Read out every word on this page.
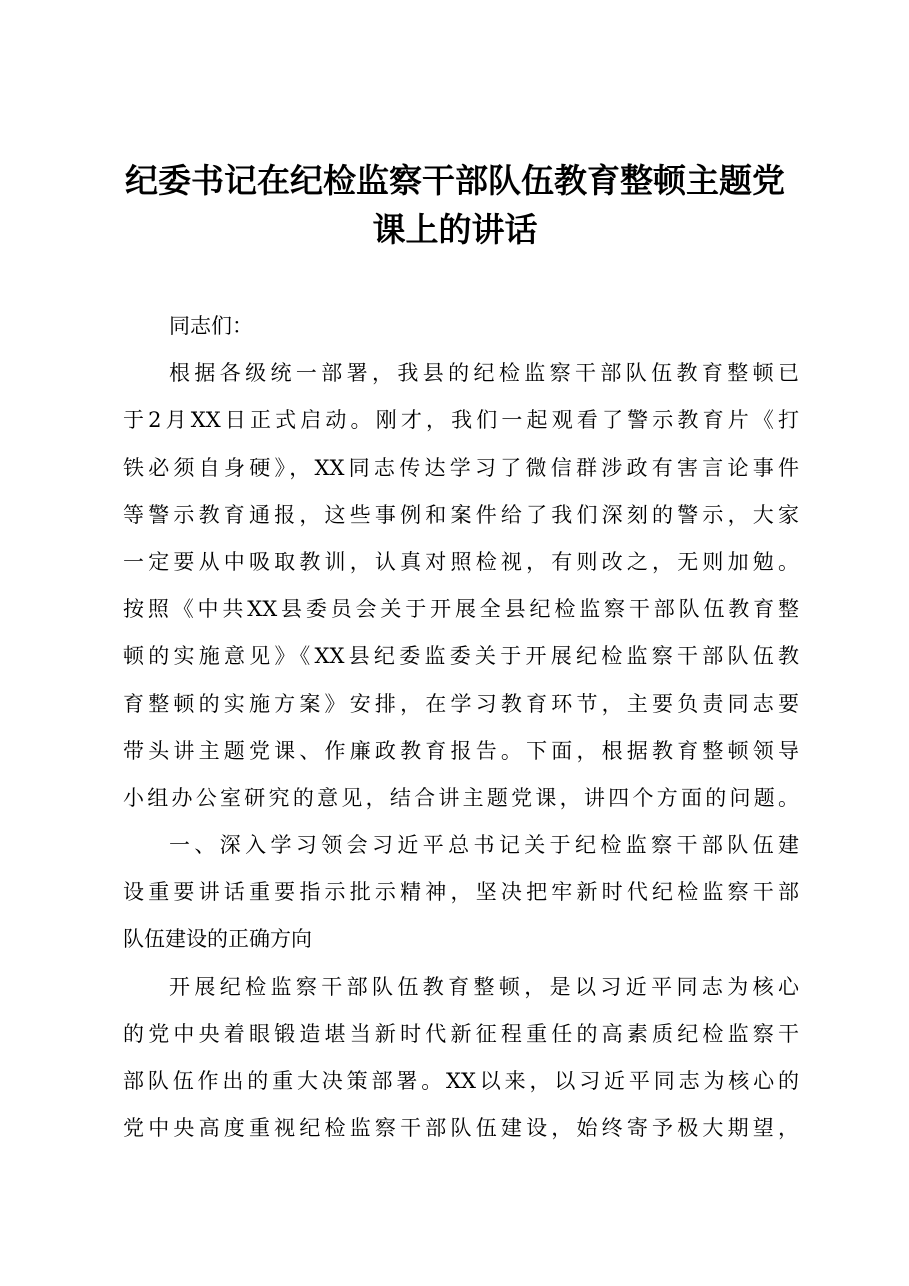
纪委书记在纪检监察干部队伍教育整顿主题党
课上的讲话
同志们：
根据各级统一部署，我县的纪检监察干部队伍教育整顿已
于2月XX日正式启动。刚才，我们一起观看了警示教育片《打
铁必须自身硬》，XX同志传达学习了微信群涉政有害言论事件
等警示教育通报，这些事例和案件给了我们深刻的警示，大家
一定要从中吸取教训，认真对照检视，有则改之，无则加勉。
按照《中共XX县委员会关于开展全县纪检监察干部队伍教育整
顿的实施意见》《XX县纪委监委关于开展纪检监察干部队伍教
育整顿的实施方案》安排，在学习教育环节，主要负责同志要
带头讲主题党课、作廉政教育报告。下面，根据教育整顿领导
小组办公室研究的意见，结合讲主题党课，讲四个方面的问题。
一、深入学习领会习近平总书记关于纪检监察干部队伍建
设重要讲话重要指示批示精神，坚决把牢新时代纪检监察干部
队伍建设的正确方向
开展纪检监察干部队伍教育整顿，是以习近平同志为核心
的党中央着眼锻造堪当新时代新征程重任的高素质纪检监察干
部队伍作出的重大决策部署。XX以来，以习近平同志为核心的
党中央高度重视纪检监察干部队伍建设，始终寄予极大期望，
